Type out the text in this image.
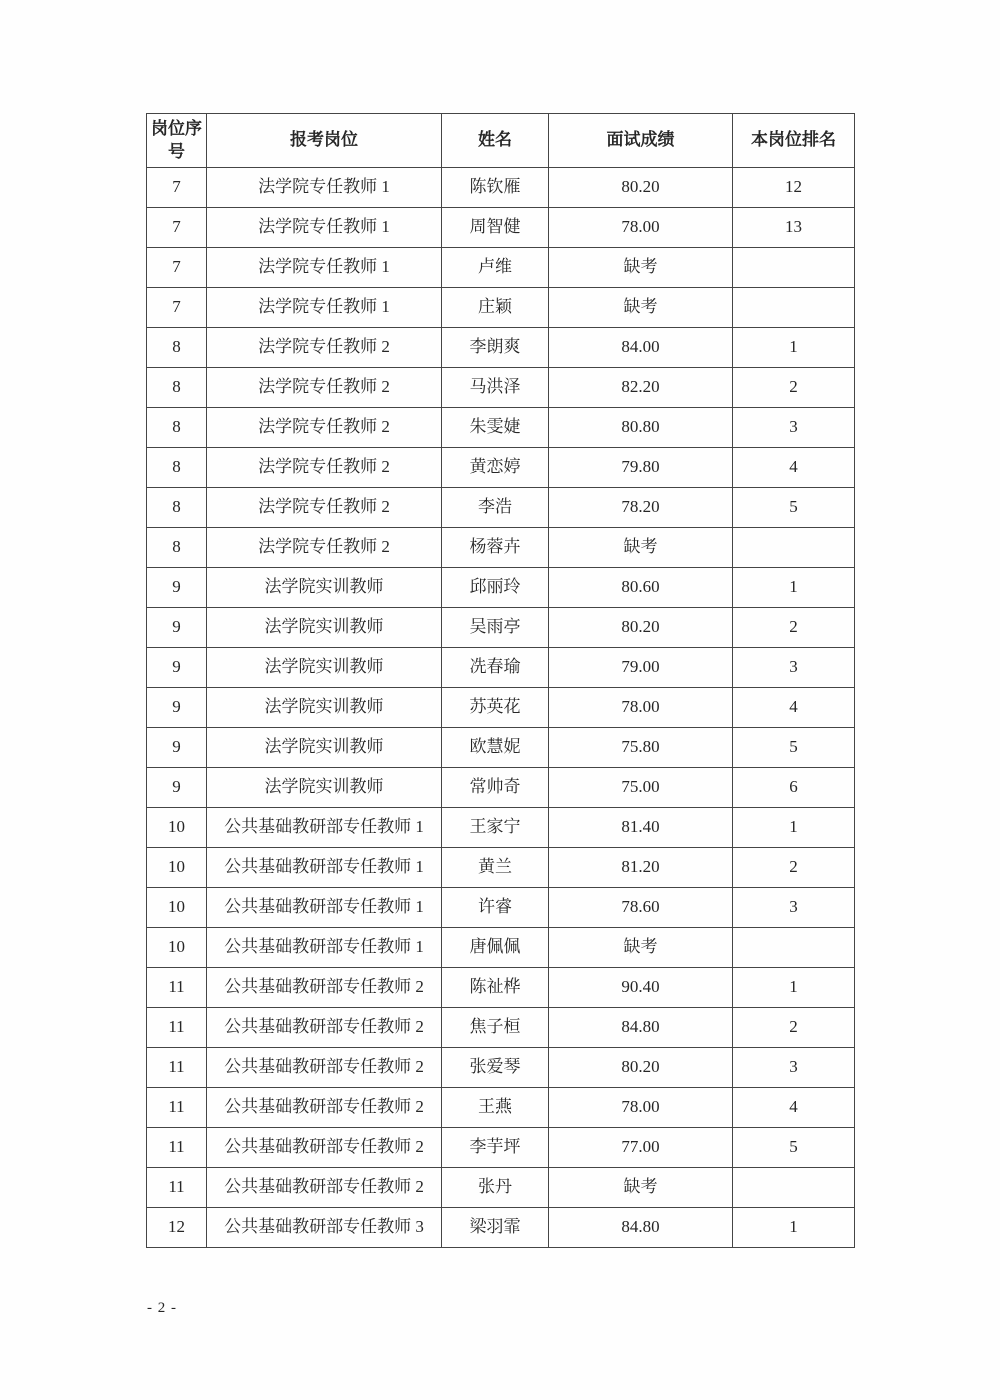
岗位序号	报考岗位	姓名	面试成绩	本岗位排名
7	法学院专任教师 1	陈钦雁	80.20	12
7	法学院专任教师 1	周智健	78.00	13
7	法学院专任教师 1	卢维	缺考	
7	法学院专任教师 1	庄颖	缺考	
8	法学院专任教师 2	李朗爽	84.00	1
8	法学院专任教师 2	马洪泽	82.20	2
8	法学院专任教师 2	朱雯婕	80.80	3
8	法学院专任教师 2	黄恋婷	79.80	4
8	法学院专任教师 2	李浩	78.20	5
8	法学院专任教师 2	杨蓉卉	缺考	
9	法学院实训教师	邱丽玲	80.60	1
9	法学院实训教师	吴雨亭	80.20	2
9	法学院实训教师	冼春瑜	79.00	3
9	法学院实训教师	苏英花	78.00	4
9	法学院实训教师	欧慧妮	75.80	5
9	法学院实训教师	常帅奇	75.00	6
10	公共基础教研部专任教师 1	王家宁	81.40	1
10	公共基础教研部专任教师 1	黄兰	81.20	2
10	公共基础教研部专任教师 1	许睿	78.60	3
10	公共基础教研部专任教师 1	唐佩佩	缺考	
11	公共基础教研部专任教师 2	陈祉桦	90.40	1
11	公共基础教研部专任教师 2	焦子桓	84.80	2
11	公共基础教研部专任教师 2	张爱琴	80.20	3
11	公共基础教研部专任教师 2	王燕	78.00	4
11	公共基础教研部专任教师 2	李芋坪	77.00	5
11	公共基础教研部专任教师 2	张丹	缺考	
12	公共基础教研部专任教师 3	梁羽霏	84.80	1
- 2 -
